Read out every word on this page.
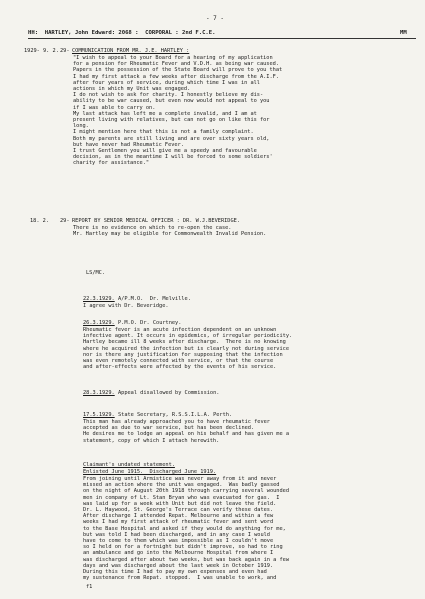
- 7 -
HH:  HARTLEY, John Edward: 2068 :  CORPORAL : 2nd F.C.E.	MM
1929- 9. 2. 29- COMMUNICATION FROM MR. J.E. HARTLEY :
"I wish to appeal to your Board for a hearing of my application
for a pension for Rheumatic Fever and V.D.H. as being war caused.
Papers in the possession of the State Board will prove to you that
I had my first attack a few weeks after discharge from the A.I.F.
after four years of service, during which time I was in all
actions in which my Unit was engaged.
I do not wish to ask for charity. I honestly believe my dis-
ability to be war caused, but even now would not appeal to you
if I was able to carry on.
My last attack has left me a complete invalid, and I am at
present living with relatives, but can not go on like this for
long.
I might mention here that this is not a family complaint.
Both my parents are still living and are over sixty years old,
but have never had Rheumatic Fever.
I trust Gentlemen you will give me a speedy and favourable
decision, as in the meantime I will be forced to some soldiers'
charity for assistance."
18. 2. 29- REPORT BY SENIOR MEDICAL OFFICER : DR. W.J.BEVERIDGE.
There is no evidence on which to re-open the case.
Mr. Hartley may be eligible for Commonwealth Invalid Pension.
LS/MC.
22.3.1929. A/P.M.O.  Dr. Melville.
I agree with Dr. Beveridge.
26.3.1929. P.M.O. Dr. Courtney.
Rheumatic fever is an acute infection dependent on an unknown
infective agent. It occurs in epidemics, of irregular periodicity.
Hartley became ill 8 weeks after discharge.  There is no knowing
where he acquired the infection but is clearly not during service
nor is there any justification for supposing that the infection
was even remotely connected with service, or that the course
and after-effects were affected by the events of his service.
28.3.1929. Appeal disallowed by Commission.
17.5.1929. State Secretary, R.S.S.I.L.A. Perth.
This man has already approached you to have rheumatic fever
accepted as due to war service, but has been declined.
He desires me to lodge an appeal on his behalf and has given me a
statement, copy of which I attach herewith.
Claimant's undated statement.
Enlisted June 1915.  Discharged June 1919.
From joining until Armistice was never away from it and never
missed an action where the unit was engaged.  Was badly gassed
on the night of August 20th 1918 through carrying several wounded
men in company of Lt. Stan Bryan who was evacuated for gas.  I
was laid up for a week with Unit but did not leave the field.
Dr. L. Haywood, St. George's Terrace can verify these dates.
After discharge I attended Repat. Melbourne and within a few
weeks I had my first attack of rheumatic fever and sent word
to the Base Hospital and asked if they would do anything for me,
but was told I had been discharged, and in any case I would
have to come to them which was impossible as I couldn't move
so I held on for a fortnight but didn't improve, so had to ring
an ambulance and go into the Melbourne Hospital from where I
was discharged after about two weeks, but was back again in a few
days and was discharged about the last week in October 1919.
During this time I had to pay my own expenses and even had
my sustenance from Repat. stopped.  I was unable to work, and
f1
